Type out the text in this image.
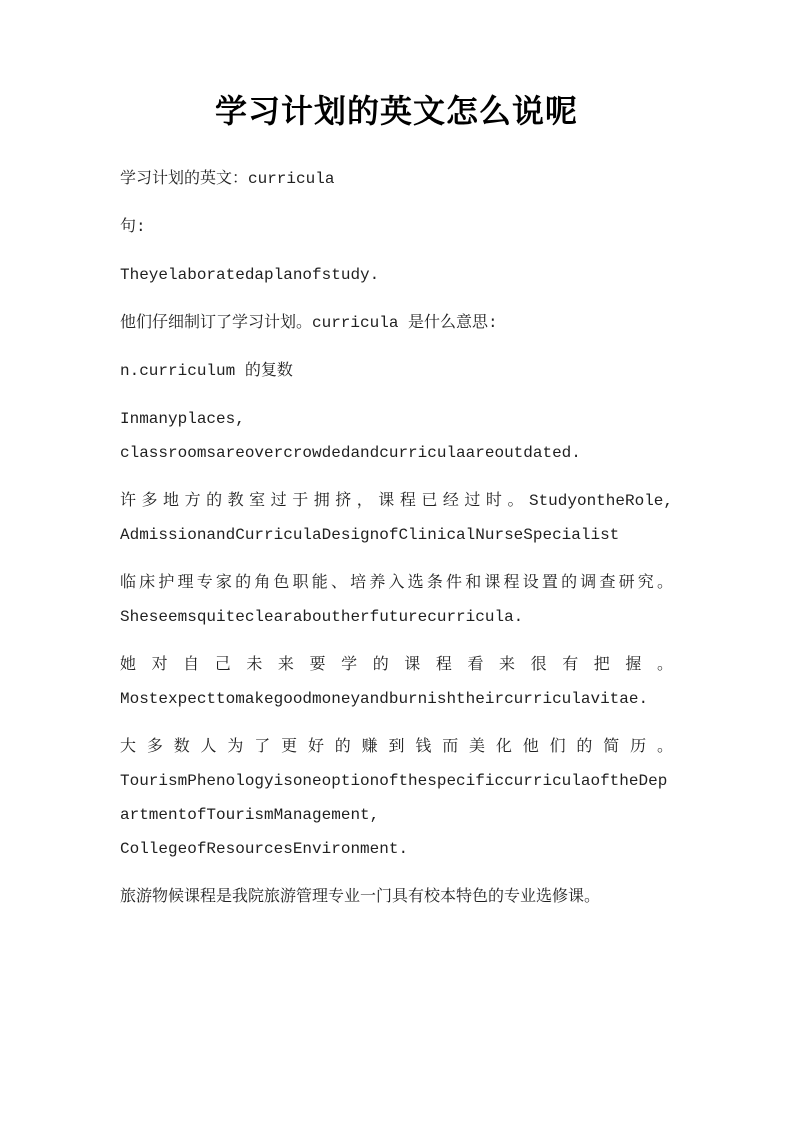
学习计划的英文怎么说呢
学习计划的英文：curricula
句:
Theyelaboratedaplanofstudy.
他们仔细制订了学习计划。curricula 是什么意思:
n.curriculum 的复数
Inmanyplaces, classroomsareovercrowdedandcurriculaareoutdated.
许多地方的教室过于拥挤，课程已经过时。StudyontheRole, AdmissionandCurriculaDesignofClinicalNurseSpecialist
临床护理专家的角色职能、培养入选条件和课程设置的调查研究。Sheseemsquiteclearaboutherfuturecurricula.
她对自己未来要学的课程看来很有把握。Mostexpecttomakegoodmoneyandburnishtheircurriculavitae.
大多数人为了更好的赚到钱而美化他们的简历。TourismPhenologyisoneoptionofthespecificcurriculaoftheDepartmentofTourismManagement, CollegeofResourcesEnvironment.
旅游物候课程是我院旅游管理专业一门具有校本特色的专业选修课。
